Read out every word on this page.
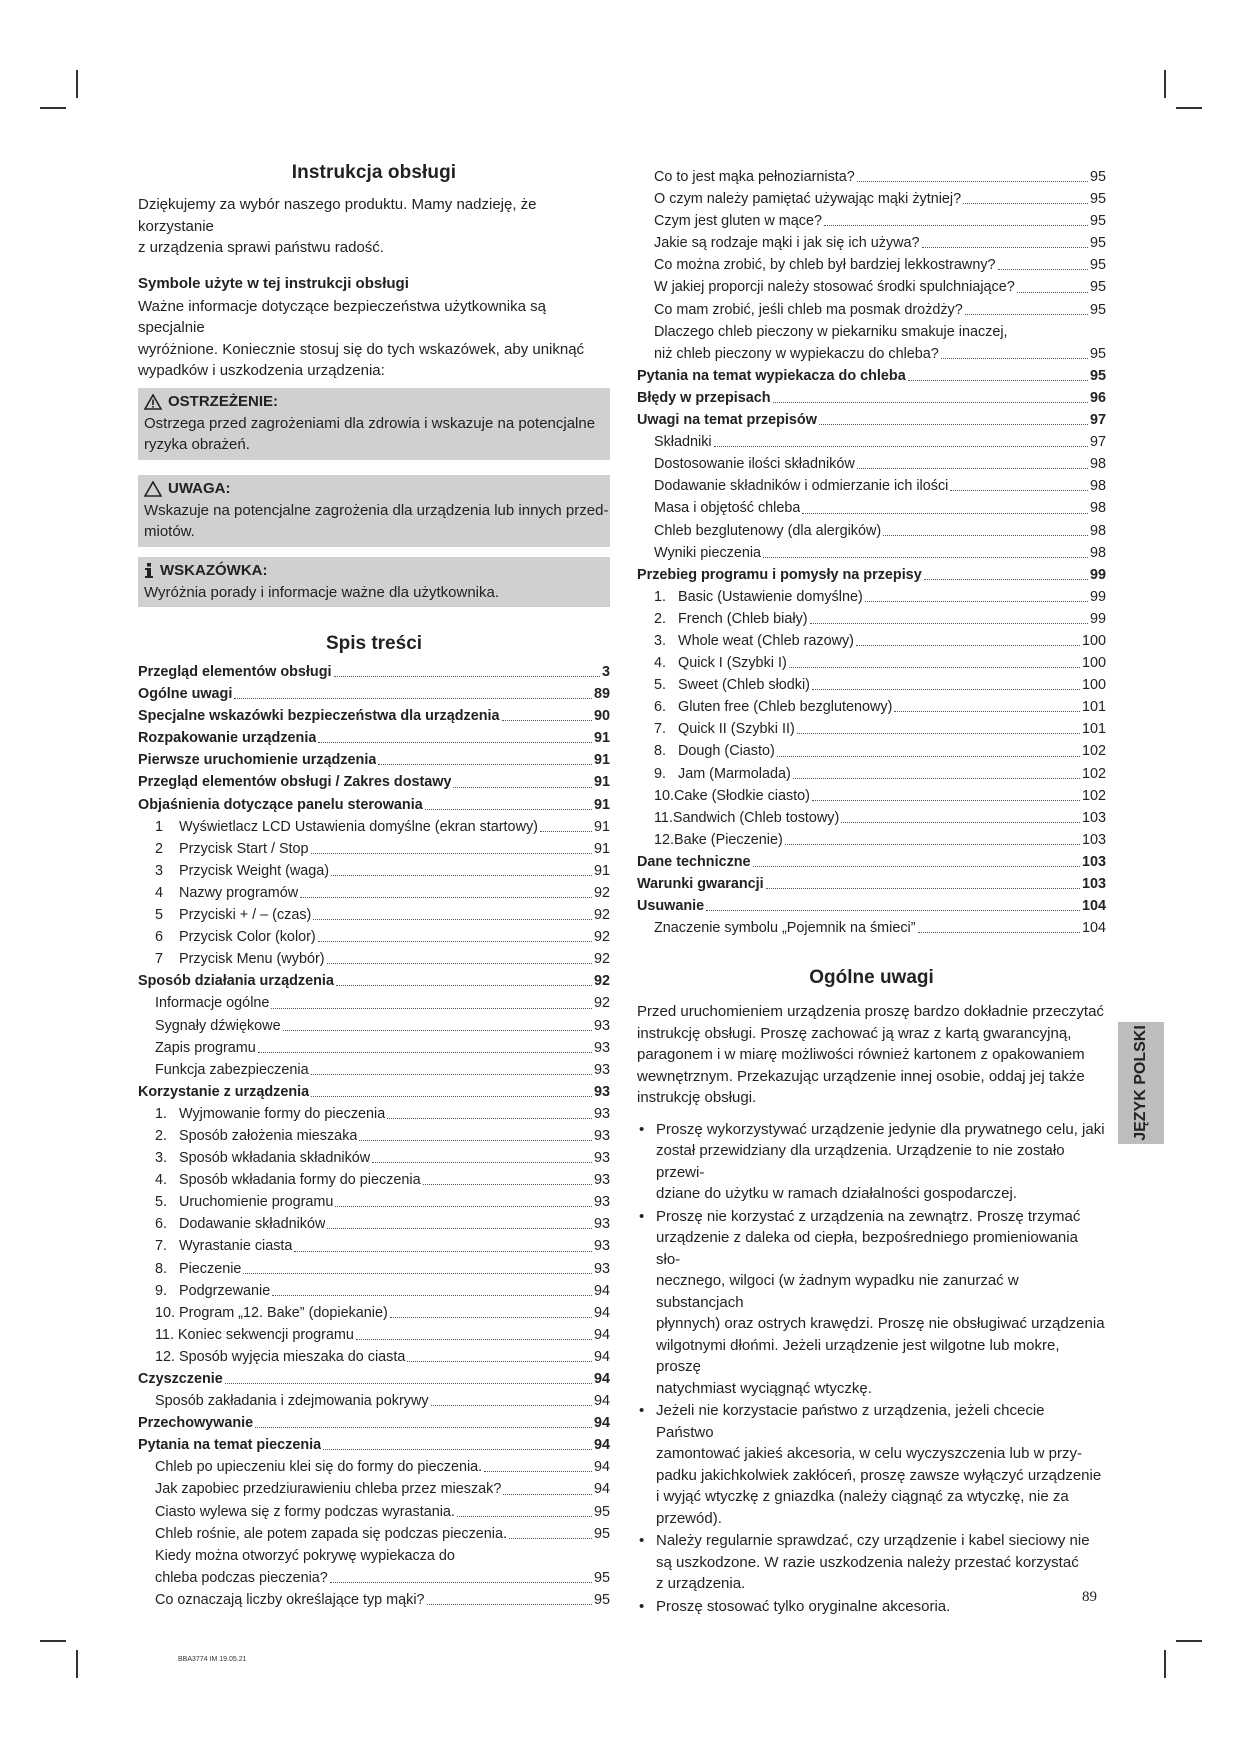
Instrukcja obsługi

Dziękujemy za wybór naszego produktu. Mamy nadzieję, że korzystanie
z urządzenia sprawi państwu radość.

Symbole użyte w tej instrukcji obsługi

Ważne informacje dotyczące bezpieczeństwa użytkownika są specjalnie
wyróżnione. Koniecznie stosuj się do tych wskazówek, aby uniknąć
wypadków i uszkodzenia urządzenia:

OSTRZEŻENIE:
Ostrzega przed zagrożeniami dla zdrowia i wskazuje na potencjalne
ryzyka obrażeń.
UWAGA:
Wskazuje na potencjalne zagrożenia dla urządzenia lub innych przed-
miotów.
WSKAZÓWKA:
Wyróżnia porady i informacje ważne dla użytkownika.
Spis treści
Przegląd elementów obsługi	3
Ogólne uwagi	89
Specjalne wskazówki bezpieczeństwa dla urządzenia	90
Rozpakowanie urządzenia	91
Pierwsze uruchomienie urządzenia	91
Przegląd elementów obsługi / Zakres dostawy	91
Objaśnienia dotyczące panelu sterowania	91
1	Wyświetlacz LCD Ustawienia domyślne (ekran startowy)	91
2	Przycisk Start / Stop	91
3	Przycisk Weight (waga)	91
4	Nazwy programów	92
5	Przyciski + / – (czas)	92
6	Przycisk Color (kolor)	92
7	Przycisk Menu (wybór)	92
Sposób działania urządzenia	92
Informacje ogólne	92
Sygnały dźwiękowe	93
Zapis programu	93
Funkcja zabezpieczenia	93
Korzystanie z urządzenia	93
1. Wyjmowanie formy do pieczenia	93
2. Sposób założenia mieszaka	93
3. Sposób wkładania składników	93
4. Sposób wkładania formy do pieczenia	93
5. Uruchomienie programu	93
6. Dodawanie składników	93
7. Wyrastanie ciasta	93
8. Pieczenie	93
9. Podgrzewanie	94
10. Program „12. Bake” (dopiekanie)	94
11. Koniec sekwencji programu	94
12. Sposób wyjęcia mieszaka do ciasta	94
Czyszczenie	94
Sposób zakładania i zdejmowania pokrywy	94
Przechowywanie	94
Pytania na temat pieczenia	94
Chleb po upieczeniu klei się do formy do pieczenia.	94
Jak zapobiec przedziurawieniu chleba przez mieszak?	94
Ciasto wylewa się z formy podczas wyrastania.	95
Chleb rośnie, ale potem zapada się podczas pieczenia.	95
Kiedy można otworzyć pokrywę wypiekacza do
chleba podczas pieczenia?	95
Co oznaczają liczby określające typ mąki?	95
Co to jest mąka pełnoziarnista?	95
O czym należy pamiętać używając mąki żytniej?	95
Czym jest gluten w mące?	95
Jakie są rodzaje mąki i jak się ich używa?	95
Co można zrobić, by chleb był bardziej lekkostrawny?	95
W jakiej proporcji należy stosować środki spulchniające?	95
Co mam zrobić, jeśli chleb ma posmak drożdży?	95
Dlaczego chleb pieczony w piekarniku smakuje inaczej,
niż chleb pieczony w wypiekaczu do chleba?	95
Pytania na temat wypiekacza do chleba	95
Błędy w przepisach	96
Uwagi na temat przepisów	97
Składniki	97
Dostosowanie ilości składników	98
Dodawanie składników i odmierzanie ich ilości	98
Masa i objętość chleba	98
Chleb bezglutenowy (dla alergików)	98
Wyniki pieczenia	98
Przebieg programu i pomysły na przepisy	99
1. Basic (Ustawienie domyślne)	99
2. French (Chleb biały)	99
3. Whole weat (Chleb razowy)	100
4. Quick I (Szybki I)	100
5. Sweet (Chleb słodki)	100
6. Gluten free (Chleb bezglutenowy)	101
7. Quick II (Szybki II)	101
8. Dough (Ciasto)	102
9. Jam (Marmolada)	102
10.Cake (Słodkie ciasto)	102
11.Sandwich (Chleb tostowy)	103
12.Bake (Pieczenie)	103
Dane techniczne	103
Warunki gwarancji	103
Usuwanie	104
Znaczenie symbolu „Pojemnik na śmieci”	104
Ogólne uwagi

Przed uruchomieniem urządzenia proszę bardzo dokładnie przeczytać
instrukcję obsługi. Proszę zachować ją wraz z kartą gwarancyjną,
paragonem i w miarę możliwości również kartonem z opakowaniem
wewnętrznym. Przekazując urządzenie innej osobie, oddaj jej także
instrukcję obsługi.

• Proszę wykorzystywać urządzenie jedynie dla prywatnego celu, jaki
został przewidziany dla urządzenia. Urządzenie to nie zostało przewi-
dziane do użytku w ramach działalności gospodarczej.
• Proszę nie korzystać z urządzenia na zewnątrz. Proszę trzymać
urządzenie z daleka od ciepła, bezpośredniego promieniowania sło-
necznego, wilgoci (w żadnym wypadku nie zanurzać w substancjach
płynnych) oraz ostrych krawędzi. Proszę nie obsługiwać urządzenia
wilgotnymi dłońmi. Jeżeli urządzenie jest wilgotne lub mokre, proszę
natychmiast wyciągnąć wtyczkę.
• Jeżeli nie korzystacie państwo z urządzenia, jeżeli chcecie Państwo
zamontować jakieś akcesoria, w celu wyczyszczenia lub w przy-
padku jakichkolwiek zakłóceń, proszę zawsze wyłączyć urządzenie
i wyjąć wtyczkę z gniazdka (należy ciągnąć za wtyczkę, nie za
przewód).
• Należy regularnie sprawdzać, czy urządzenie i kabel sieciowy nie
są uszkodzone. W razie uszkodzenia należy przestać korzystać
z urządzenia.
• Proszę stosować tylko oryginalne akcesoria.
JĘZYK POLSKI
89
BBA3774 IM 19.05.21
